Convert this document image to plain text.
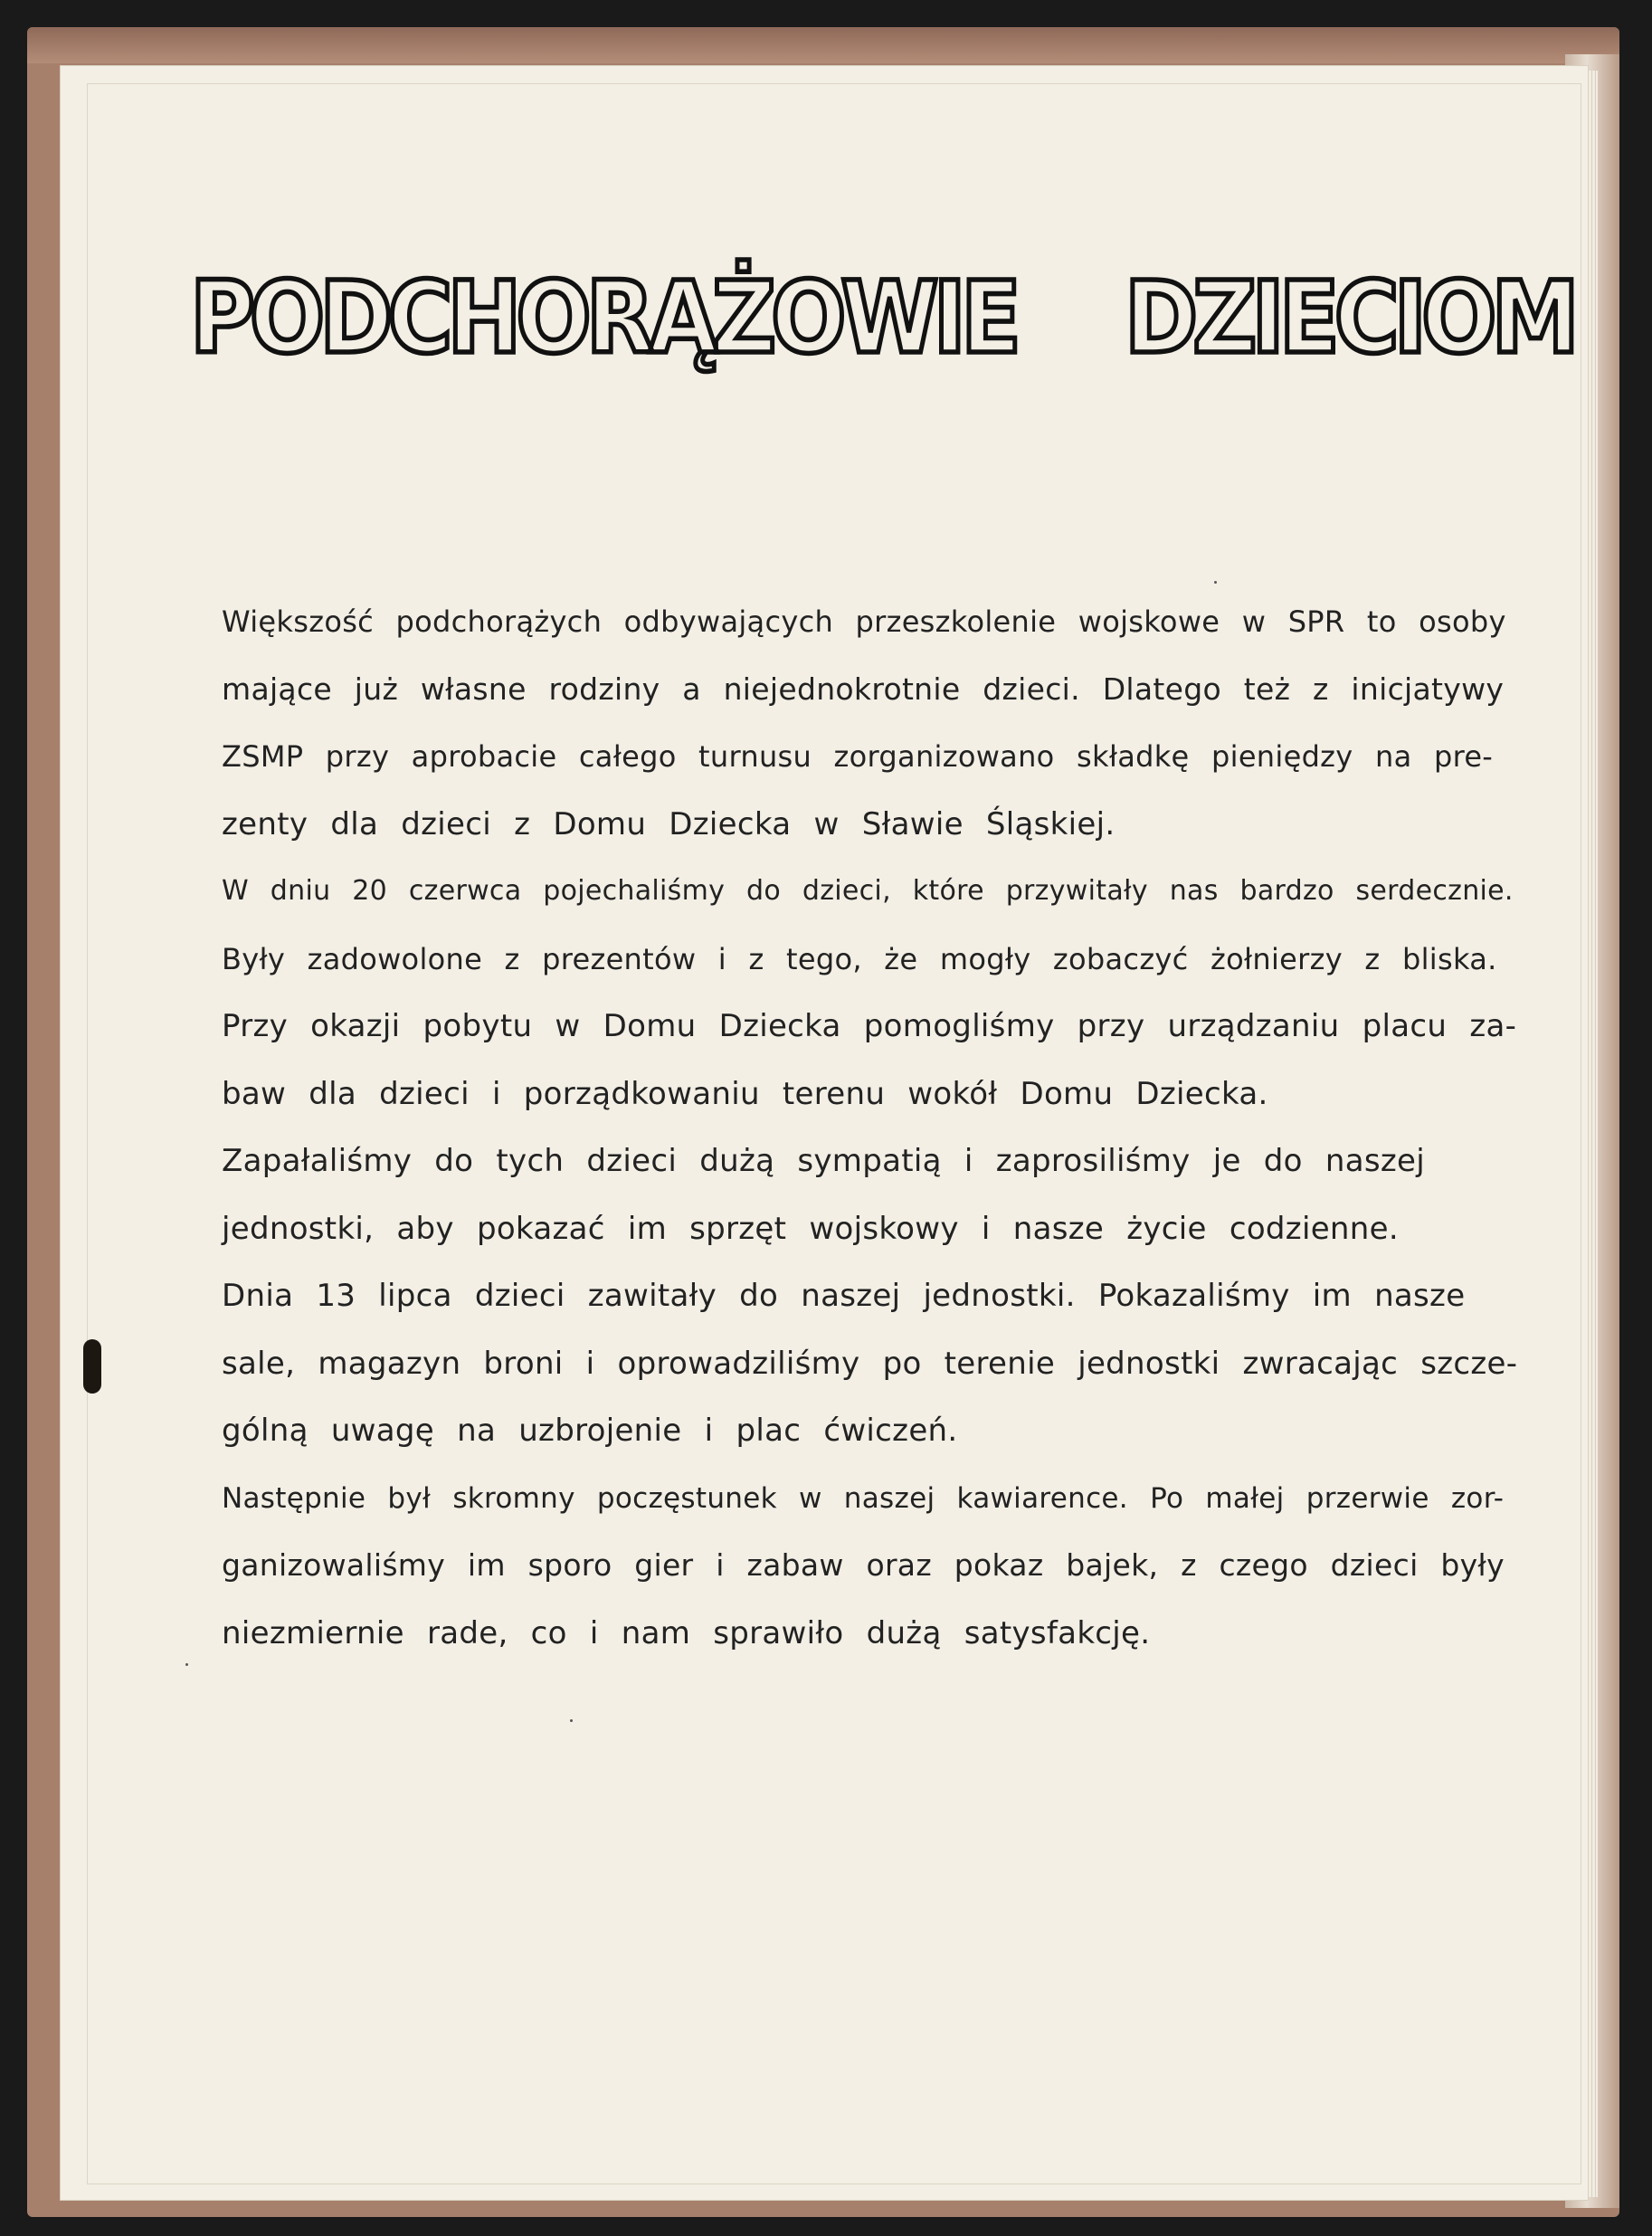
PODCHORĄŻOWIE DZIECIOM
Większość podchorążych odbywających przeszkolenie wojskowe w SPR to osoby
mające już własne rodziny a niejednokrotnie dzieci. Dlatego też z inicjatywy
ZSMP przy aprobacie całego turnusu zorganizowano składkę pieniędzy na pre-
zenty dla dzieci z Domu Dziecka w Sławie Śląskiej.
W dniu 20 czerwca pojechaliśmy do dzieci, które przywitały nas bardzo serdecznie.
Były zadowolone z prezentów i z tego, że mogły zobaczyć żołnierzy z bliska.
Przy okazji pobytu w Domu Dziecka pomogliśmy przy urządzaniu placu za-
baw dla dzieci i porządkowaniu terenu wokół Domu Dziecka.
Zapałaliśmy do tych dzieci dużą sympatią i zaprosiliśmy je do naszej
jednostki, aby pokazać im sprzęt wojskowy i nasze życie codzienne.
Dnia 13 lipca dzieci zawitały do naszej jednostki. Pokazaliśmy im nasze
sale, magazyn broni i oprowadziliśmy po terenie jednostki zwracając szcze-
gólną uwagę na uzbrojenie i plac ćwiczeń.
Następnie był skromny poczęstunek w naszej kawiarence. Po małej przerwie zor-
ganizowaliśmy im sporo gier i zabaw oraz pokaz bajek, z czego dzieci były
niezmiernie rade, co i nam sprawiło dużą satysfakcję.
